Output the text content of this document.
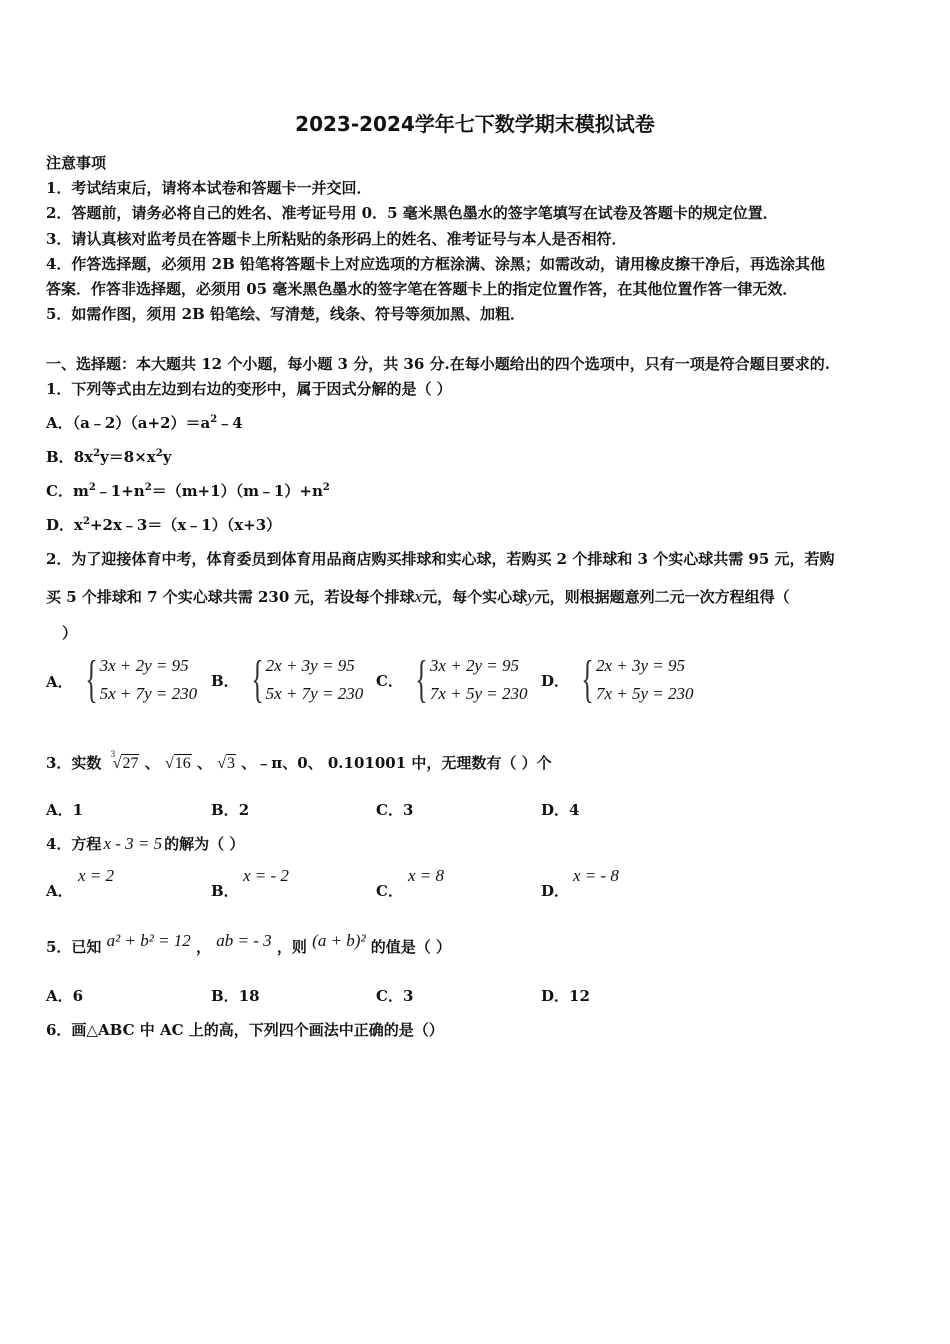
2023-2024学年七下数学期末模拟试卷
注意事项
1．考试结束后，请将本试卷和答题卡一并交回．
2．答题前，请务必将自己的姓名、准考证号用 0．5 毫米黑色墨水的签字笔填写在试卷及答题卡的规定位置．
3．请认真核对监考员在答题卡上所粘贴的条形码上的姓名、准考证号与本人是否相符．
4．作答选择题，必须用 2B 铅笔将答题卡上对应选项的方框涂满、涂黑；如需改动，请用橡皮擦干净后，再选涂其他
答案．作答非选择题，必须用 05 毫米黑色墨水的签字笔在答题卡上的指定位置作答，在其他位置作答一律无效．
5．如需作图，须用 2B 铅笔绘、写清楚，线条、符号等须加黑、加粗．
一、选择题：本大题共 12 个小题，每小题 3 分，共 36 分.在每小题给出的四个选项中，只有一项是符合题目要求的.
1．下列等式由左边到右边的变形中，属于因式分解的是（ ）
A．$(a﹣2)(a+2)=a^2﹣4$
B．$8x^2y=8\times x^2y$
C．$m^2﹣1+n^2=(m+1)(m﹣1)+n^2$
D．$x^2+2x﹣3=(x﹣1)(x+3)$
2．为了迎接体育中考，体育委员到体育用品商店购买排球和实心球，若购买 2 个排球和 3 个实心球共需 95 元，若购
买 5 个排球和 7 个实心球共需 230 元，若设每个排球x元，每个实心球y元，则根据题意列二元一次方程组得（
）
A． { 3x + 2y = 95
5x + 7y = 230
B． { 2x + 3y = 95
5x + 7y = 230
C． { 3x + 2y = 95
7x + 5y = 230
D． { 2x + 3y = 95
7x + 5y = 230
3．实数 3
√27 、 √16 、 √3 、﹣π、0、 0.101001 中，无理数有（ ）个
A．1	B．2	C．3	D．4
4．方程 x - 3 = 5 的解为（ ）
A．
x = 2
B．
x = - 2
C．
x = 8
D．
x = - 8
5．已知 a² + b² = 12 ， ab = - 3 ，则 (a + b)² 的值是（ ）
A．6	B．18	C．3	D．12
6．画△ABC 中 AC 上的高，下列四个画法中正确的是（）
